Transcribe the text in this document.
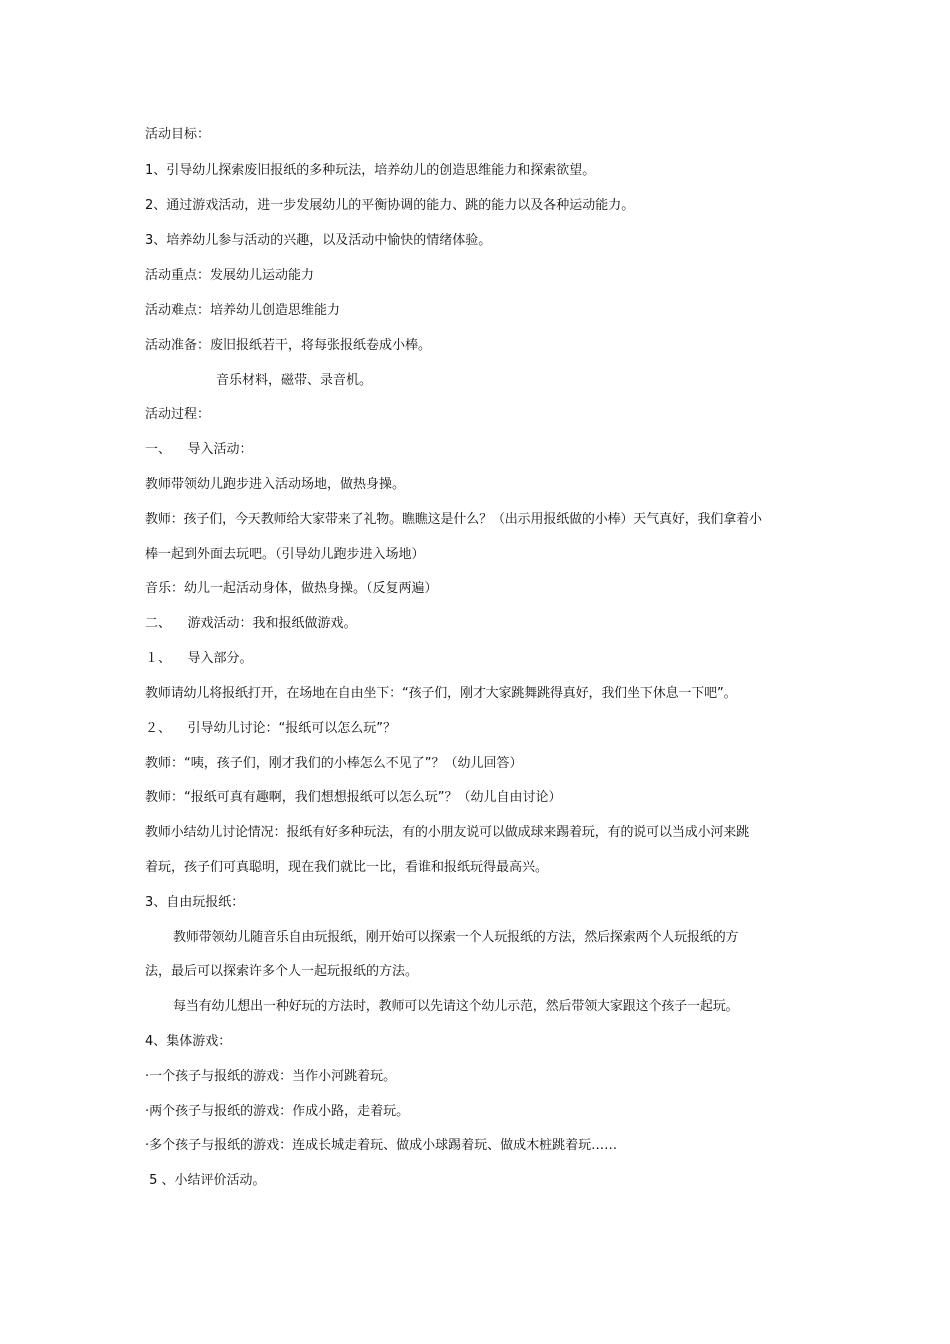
活动目标：

1、引导幼儿探索废旧报纸的多种玩法，培养幼儿的创造思维能力和探索欲望。

2、通过游戏活动，进一步发展幼儿的平衡协调的能力、跳的能力以及各种运动能力。

3、培养幼儿参与活动的兴趣，以及活动中愉快的情绪体验。

活动重点：发展幼儿运动能力

活动难点：培养幼儿创造思维能力

活动准备：废旧报纸若干，将每张报纸卷成小棒。

音乐材料，磁带、录音机。

活动过程：

一、    导入活动：

教师带领幼儿跑步进入活动场地，做热身操。

教师：孩子们，今天教师给大家带来了礼物。瞧瞧这是什么？（出示用报纸做的小棒）天气真好，我们拿着小

棒一起到外面去玩吧。（引导幼儿跑步进入场地）

音乐：幼儿一起活动身体，做热身操。（反复两遍）

二、    游戏活动：我和报纸做游戏。

１、    导入部分。

教师请幼儿将报纸打开，在场地在自由坐下：“孩子们，刚才大家跳舞跳得真好，我们坐下休息一下吧”。

２、    引导幼儿讨论：“报纸可以怎么玩”？

教师：“咦，孩子们，刚才我们的小棒怎么不见了”？（幼儿回答）

教师：“报纸可真有趣啊，我们想想报纸可以怎么玩”？（幼儿自由讨论）

教师小结幼儿讨论情况：报纸有好多种玩法，有的小朋友说可以做成球来踢着玩，有的说可以当成小河来跳

着玩，孩子们可真聪明，现在我们就比一比，看谁和报纸玩得最高兴。

3、自由玩报纸：

教师带领幼儿随音乐自由玩报纸，刚开始可以探索一个人玩报纸的方法，然后探索两个人玩报纸的方

法，最后可以探索许多个人一起玩报纸的方法。

每当有幼儿想出一种好玩的方法时，教师可以先请这个幼儿示范，然后带领大家跟这个孩子一起玩。

4、集体游戏：

·一个孩子与报纸的游戏：当作小河跳着玩。

·两个孩子与报纸的游戏：作成小路，走着玩。

·多个孩子与报纸的游戏：连成长城走着玩、做成小球踢着玩、做成木桩跳着玩……

5 、小结评价活动。
